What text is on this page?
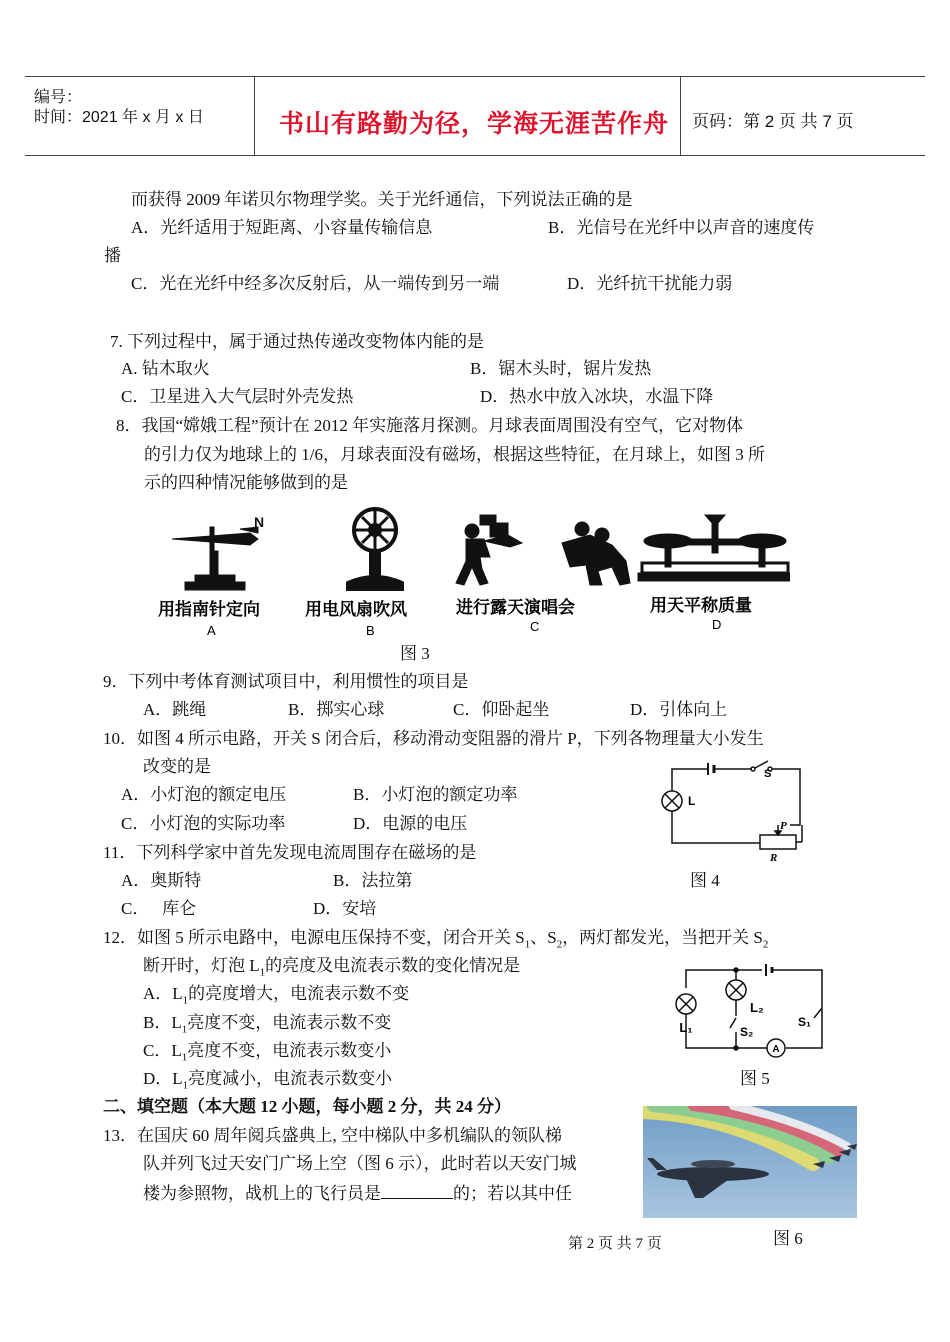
编号：
时间：2021 年 x 月 x 日	书山有路勤为径，学海无涯苦作舟 页码：第 2 页 共 7 页
而获得 2009 年诺贝尔物理学奖。关于光纤通信，下列说法正确的是
A．光纤适用于短距离、小容量传输信息	B．光信号在光纤中以声音的速度传
播
C．光在光纤中经多次反射后，从一端传到另一端	D．光纤抗干扰能力弱
7. 下列过程中，属于通过热传递改变物体内能的是
A. 钻木取火	B．锯木头时，锯片发热
C．卫星进入大气层时外壳发热	D．热水中放入冰块，水温下降
8．我国“嫦娥工程”预计在 2012 年实施落月探测。月球表面周围没有空气，它对物体
的引力仅为地球上的 1/6，月球表面没有磁场，根据这些特征，在月球上，如图 3 所
示的四种情况能够做到的是
N
用指南针定向	用电风扇吹风	进行露天演唱会	用天平称质量
A	B	C	D
图 3
9．下列中考体育测试项目中，利用惯性的项目是
A．跳绳	B．掷实心球	C．仰卧起坐	D．引体向上
10．如图 4 所示电路，开关 S 闭合后，移动滑动变阻器的滑片 P，下列各物理量大小发生
改变的是
A．小灯泡的额定电压	B．小灯泡的额定功率
C．小灯泡的实际功率	D．电源的电压
S
L
P
R
11．下列科学家中首先发现电流周围存在磁场的是
A．奥斯特	B．法拉第	图 4
C．   库仑	D．安培
12．如图 5 所示电路中，电源电压保持不变，闭合开关 $S_1$、$S_2$，两灯都发光，当把开关 $S_2$
断开时，灯泡 $L_1$的亮度及电流表示数的变化情况是
A．$L_1$的亮度增大，电流表示数不变
B．$L_1$亮度不变，电流表示数不变
C．$L_1$亮度不变，电流表示数变小
D．$L_1$亮度减小，电流表示数变小
L₁
L₂
S₂
S₁
A
图 5
二、填空题（本大题 12 小题，每小题 2 分，共 24 分）
13．在国庆 60 周年阅兵盛典上, 空中梯队中多机编队的领队梯
队并列飞过天安门广场上空（图 6 示），此时若以天安门城
楼为参照物，战机上的飞行员是	的；若以其中任
图 6
第 2 页 共 7 页
